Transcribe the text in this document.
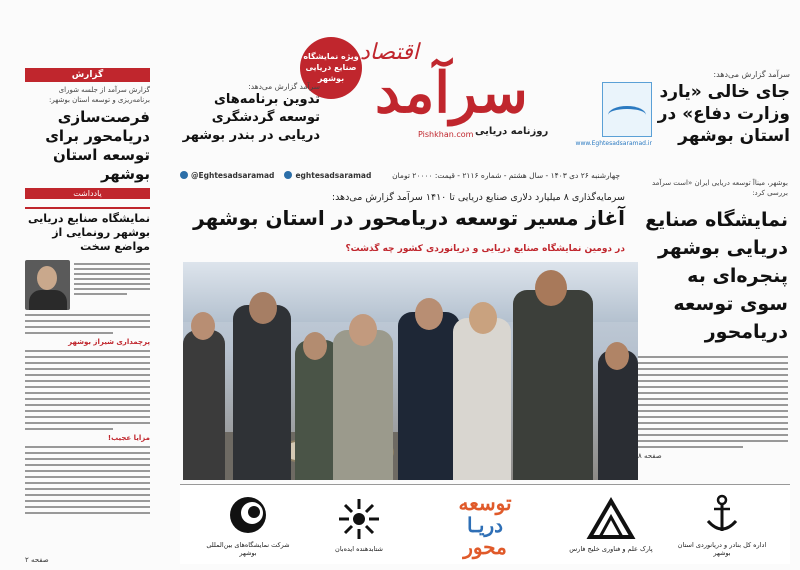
ویژه نمایشگاه صنایع دریایی بوشهر
اقتصاد
سرآمد
روزنامه دریایی
Pishkhan.com
چهارشنبه ۲۶ دی ۱۴۰۳ - سال هشتم - شماره ۲۱۱۶ - قیمت: ۲۰۰۰۰ تومان
@Eghtesadsaramad	eghtesadsaramad
سرآمد گزارش می‌دهد:
جای خالی «یارد وزارت دفاع» در استان بوشهر
www.Eghtesadsaramad.ir
سرآمد گزارش می‌دهد:
تدوین برنامه‌های توسعه گردشگری دریایی در بندر بوشهر
گزارش
گزارش سرآمد از جلسه شورای برنامه‌ریزی و توسعه استان بوشهر:
فرصت‌سازی دریامحور برای توسعه استان بوشهر
یادداشت
نمایشگاه صنایع دریایی بوشهر رونمایی از مواضع سخت
پرچمداری شیراز بوشهر
مزایا عجیب!
صفحه ۲
سرمایه‌گذاری ۸ میلیارد دلاری صنایع دریایی تا ۱۴۱۰ سرآمد گزارش می‌دهد:
آغاز مسیر توسعه دریامحور در استان بوشهر
در دومین نمایشگاه صنایع دریایی و دریانوردی کشور چه گذشت؟
بوشهر، میناآ توسعه دریایی ایران «است سرآمد بررسی کرد:
نمایشگاه صنایع دریایی بوشهر پنجره‌ای به سوی توسعه دریامحور
صفحه ۸
شرکت نمایشگاه‌های بین‌المللی بوشهر	شتابدهنده ایده‌بان
توسعه
دریـا
محور	پارک علم و فناوری خلیج فارس	اداره کل بنادر و دریانوردی استان بوشهر
